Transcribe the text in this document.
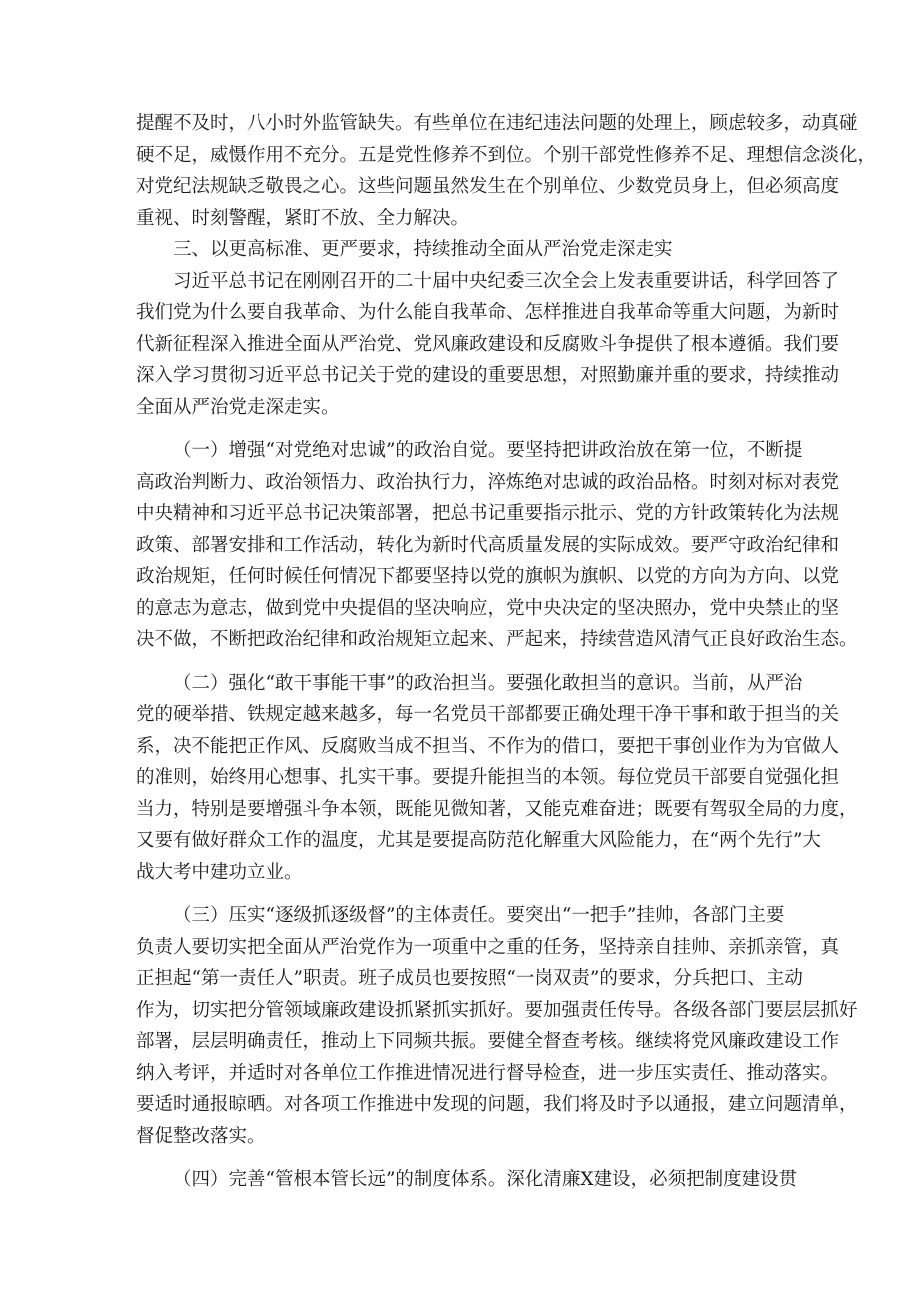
提醒不及时，八小时外监管缺失。有些单位在违纪违法问题的处理上，顾虑较多，动真碰
硬不足，威慑作用不充分。五是党性修养不到位。个别干部党性修养不足、理想信念淡化，
对党纪法规缺乏敬畏之心。这些问题虽然发生在个别单位、少数党员身上，但必须高度
重视、时刻警醒，紧盯不放、全力解决。

三、以更高标准、更严要求，持续推动全面从严治党走深走实

习近平总书记在刚刚召开的二十届中央纪委三次全会上发表重要讲话，科学回答了
我们党为什么要自我革命、为什么能自我革命、怎样推进自我革命等重大问题，为新时
代新征程深入推进全面从严治党、党风廉政建设和反腐败斗争提供了根本遵循。我们要
深入学习贯彻习近平总书记关于党的建设的重要思想，对照勤廉并重的要求，持续推动
全面从严治党走深走实。

（一）增强“对党绝对忠诚”的政治自觉。要坚持把讲政治放在第一位，不断提
高政治判断力、政治领悟力、政治执行力，淬炼绝对忠诚的政治品格。时刻对标对表党
中央精神和习近平总书记决策部署，把总书记重要指示批示、党的方针政策转化为法规
政策、部署安排和工作活动，转化为新时代高质量发展的实际成效。要严守政治纪律和
政治规矩，任何时候任何情况下都要坚持以党的旗帜为旗帜、以党的方向为方向、以党
的意志为意志，做到党中央提倡的坚决响应，党中央决定的坚决照办，党中央禁止的坚
决不做，不断把政治纪律和政治规矩立起来、严起来，持续营造风清气正良好政治生态。

（二）强化“敢干事能干事”的政治担当。要强化敢担当的意识。当前，从严治
党的硬举措、铁规定越来越多，每一名党员干部都要正确处理干净干事和敢于担当的关
系，决不能把正作风、反腐败当成不担当、不作为的借口，要把干事创业作为为官做人
的准则，始终用心想事、扎实干事。要提升能担当的本领。每位党员干部要自觉强化担
当力，特别是要增强斗争本领，既能见微知著，又能克难奋进；既要有驾驭全局的力度，
又要有做好群众工作的温度，尤其是要提高防范化解重大风险能力，在“两个先行”大
战大考中建功立业。

（三）压实“逐级抓逐级督”的主体责任。要突出“一把手”挂帅，各部门主要
负责人要切实把全面从严治党作为一项重中之重的任务，坚持亲自挂帅、亲抓亲管，真
正担起“第一责任人”职责。班子成员也要按照“一岗双责”的要求，分兵把口、主动
作为，切实把分管领域廉政建设抓紧抓实抓好。要加强责任传导。各级各部门要层层抓好
部署，层层明确责任，推动上下同频共振。要健全督查考核。继续将党风廉政建设工作
纳入考评，并适时对各单位工作推进情况进行督导检查，进一步压实责任、推动落实。
要适时通报晾晒。对各项工作推进中发现的问题，我们将及时予以通报，建立问题清单，
督促整改落实。

（四）完善“管根本管长远”的制度体系。深化清廉X建设，必须把制度建设贯
